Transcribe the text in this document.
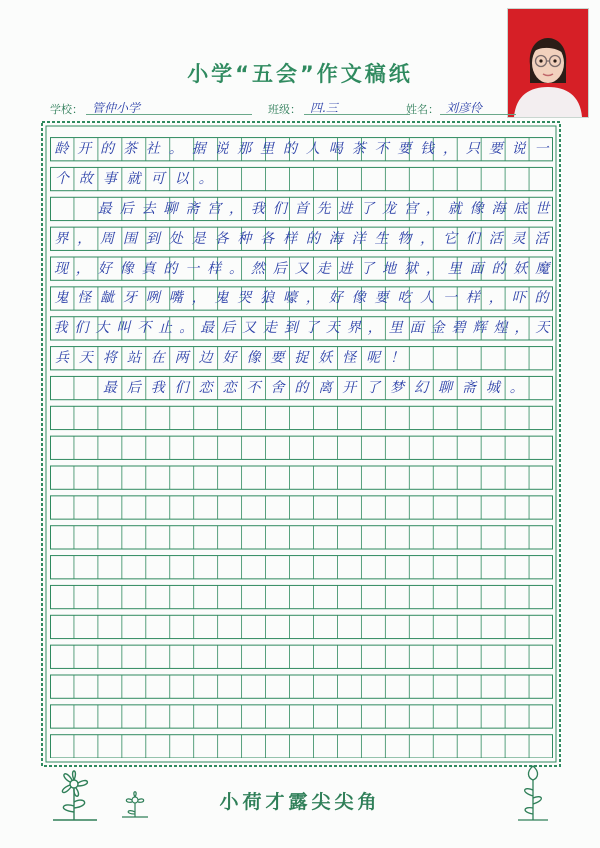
小学“五会”作文稿纸
学校： 管仲小学	班级： 四.三	姓名： 刘彦伶
龄 开 的 茶 社 。 据 说 那 里 的 人 喝 茶 不 要 钱 ， 只 要 说 一
个 故 事 就 可 以 。
最 后 去 聊 斋 宫 ， 我 们 首 先 进 了 龙 宫 ， 就 像 海 底 世
界 ， 周 围 到 处 是 各 种 各 样 的 海 洋 生 物 ， 它 们 活 灵 活
现 ， 好 像 真 的 一 样 。 然 后 又 走 进 了 地 狱 ， 里 面 的 妖 魔
鬼 怪 龇 牙 咧 嘴 ， 鬼 哭 狼 嚎 ， 好 像 要 吃 人 一 样 ， 吓 的
我 们 大 叫 不 止 。 最 后 又 走 到 了 天 界 ， 里 面 金 碧 辉 煌 ， 天
兵 天 将 站 在 两 边 好 像 要 捉 妖 怪 呢 ！
最 后 我 们 恋 恋 不 舍 的 离 开 了 梦 幻 聊 斋 城 。
小荷才露尖尖角
